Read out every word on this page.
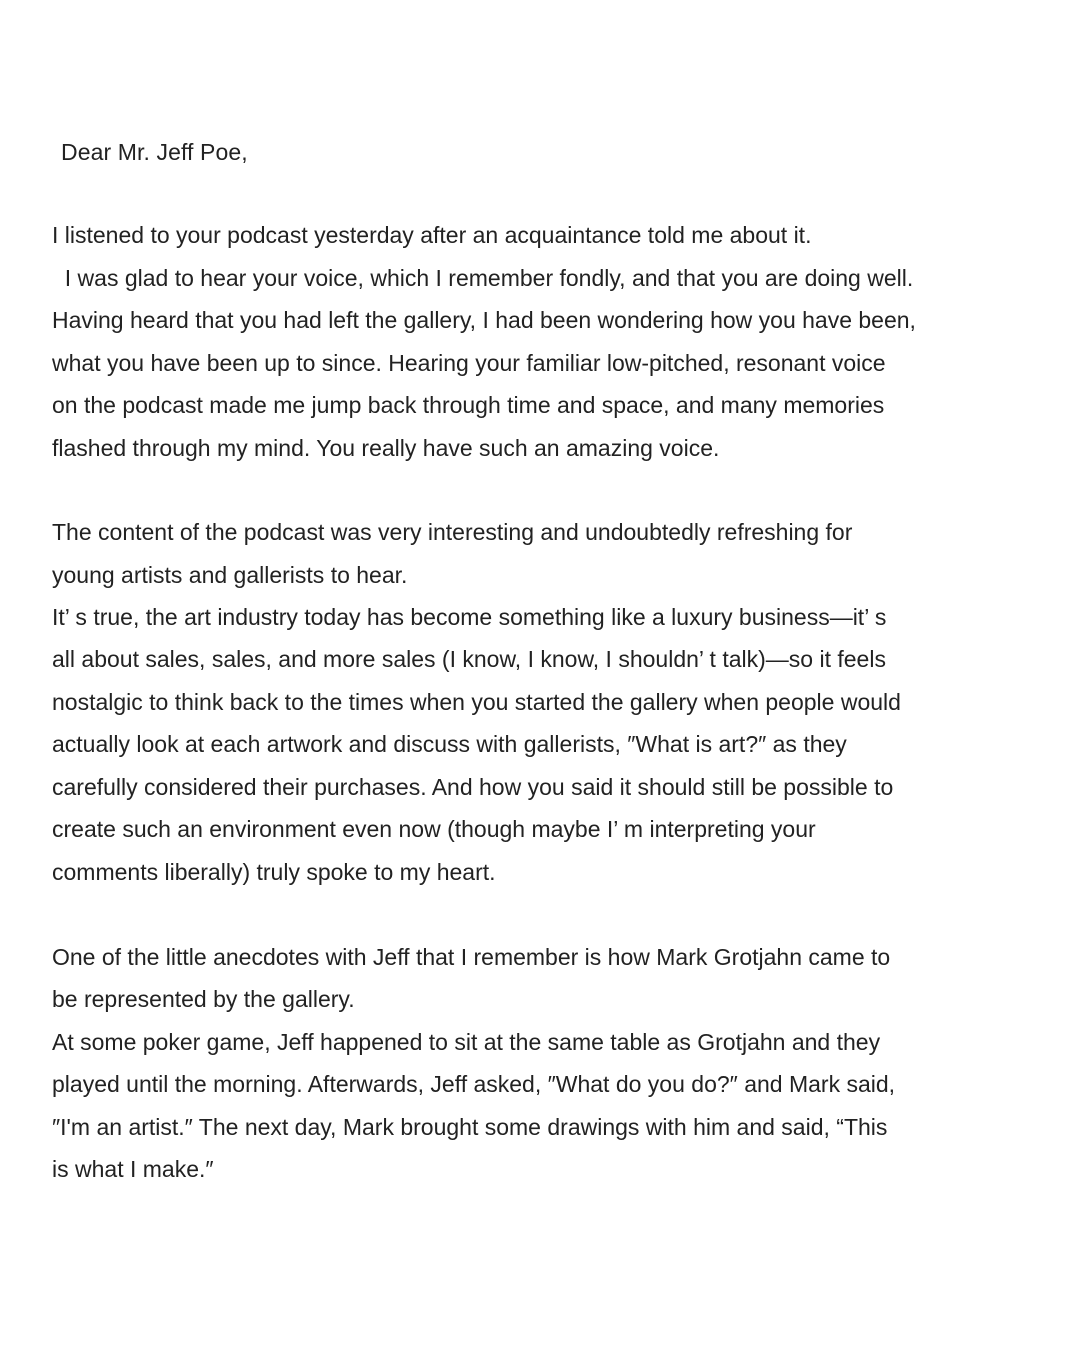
Dear Mr. Jeff Poe,
I listened to your podcast yesterday after an acquaintance told me about it.
I was glad to hear your voice, which I remember fondly, and that you are doing well.
Having heard that you had left the gallery, I had been wondering how you have been,
what you have been up to since. Hearing your familiar low-pitched, resonant voice
on the podcast made me jump back through time and space, and many memories
flashed through my mind. You really have such an amazing voice.
The content of the podcast was very interesting and undoubtedly refreshing for
young artists and gallerists to hear.
It’ s true, the art industry today has become something like a luxury business—it’ s
all about sales, sales, and more sales (I know, I know, I shouldn’ t talk)—so it feels
nostalgic to think back to the times when you started the gallery when people would
actually look at each artwork and discuss with gallerists, ″What is art?″ as they
carefully considered their purchases. And how you said it should still be possible to
create such an environment even now (though maybe I’ m interpreting your
comments liberally) truly spoke to my heart.
One of the little anecdotes with Jeff that I remember is how Mark Grotjahn came to
be represented by the gallery.
At some poker game, Jeff happened to sit at the same table as Grotjahn and they
played until the morning. Afterwards, Jeff asked, ″What do you do?″ and Mark said,
″I'm an artist.″ The next day, Mark brought some drawings with him and said, “This
is what I make.″
